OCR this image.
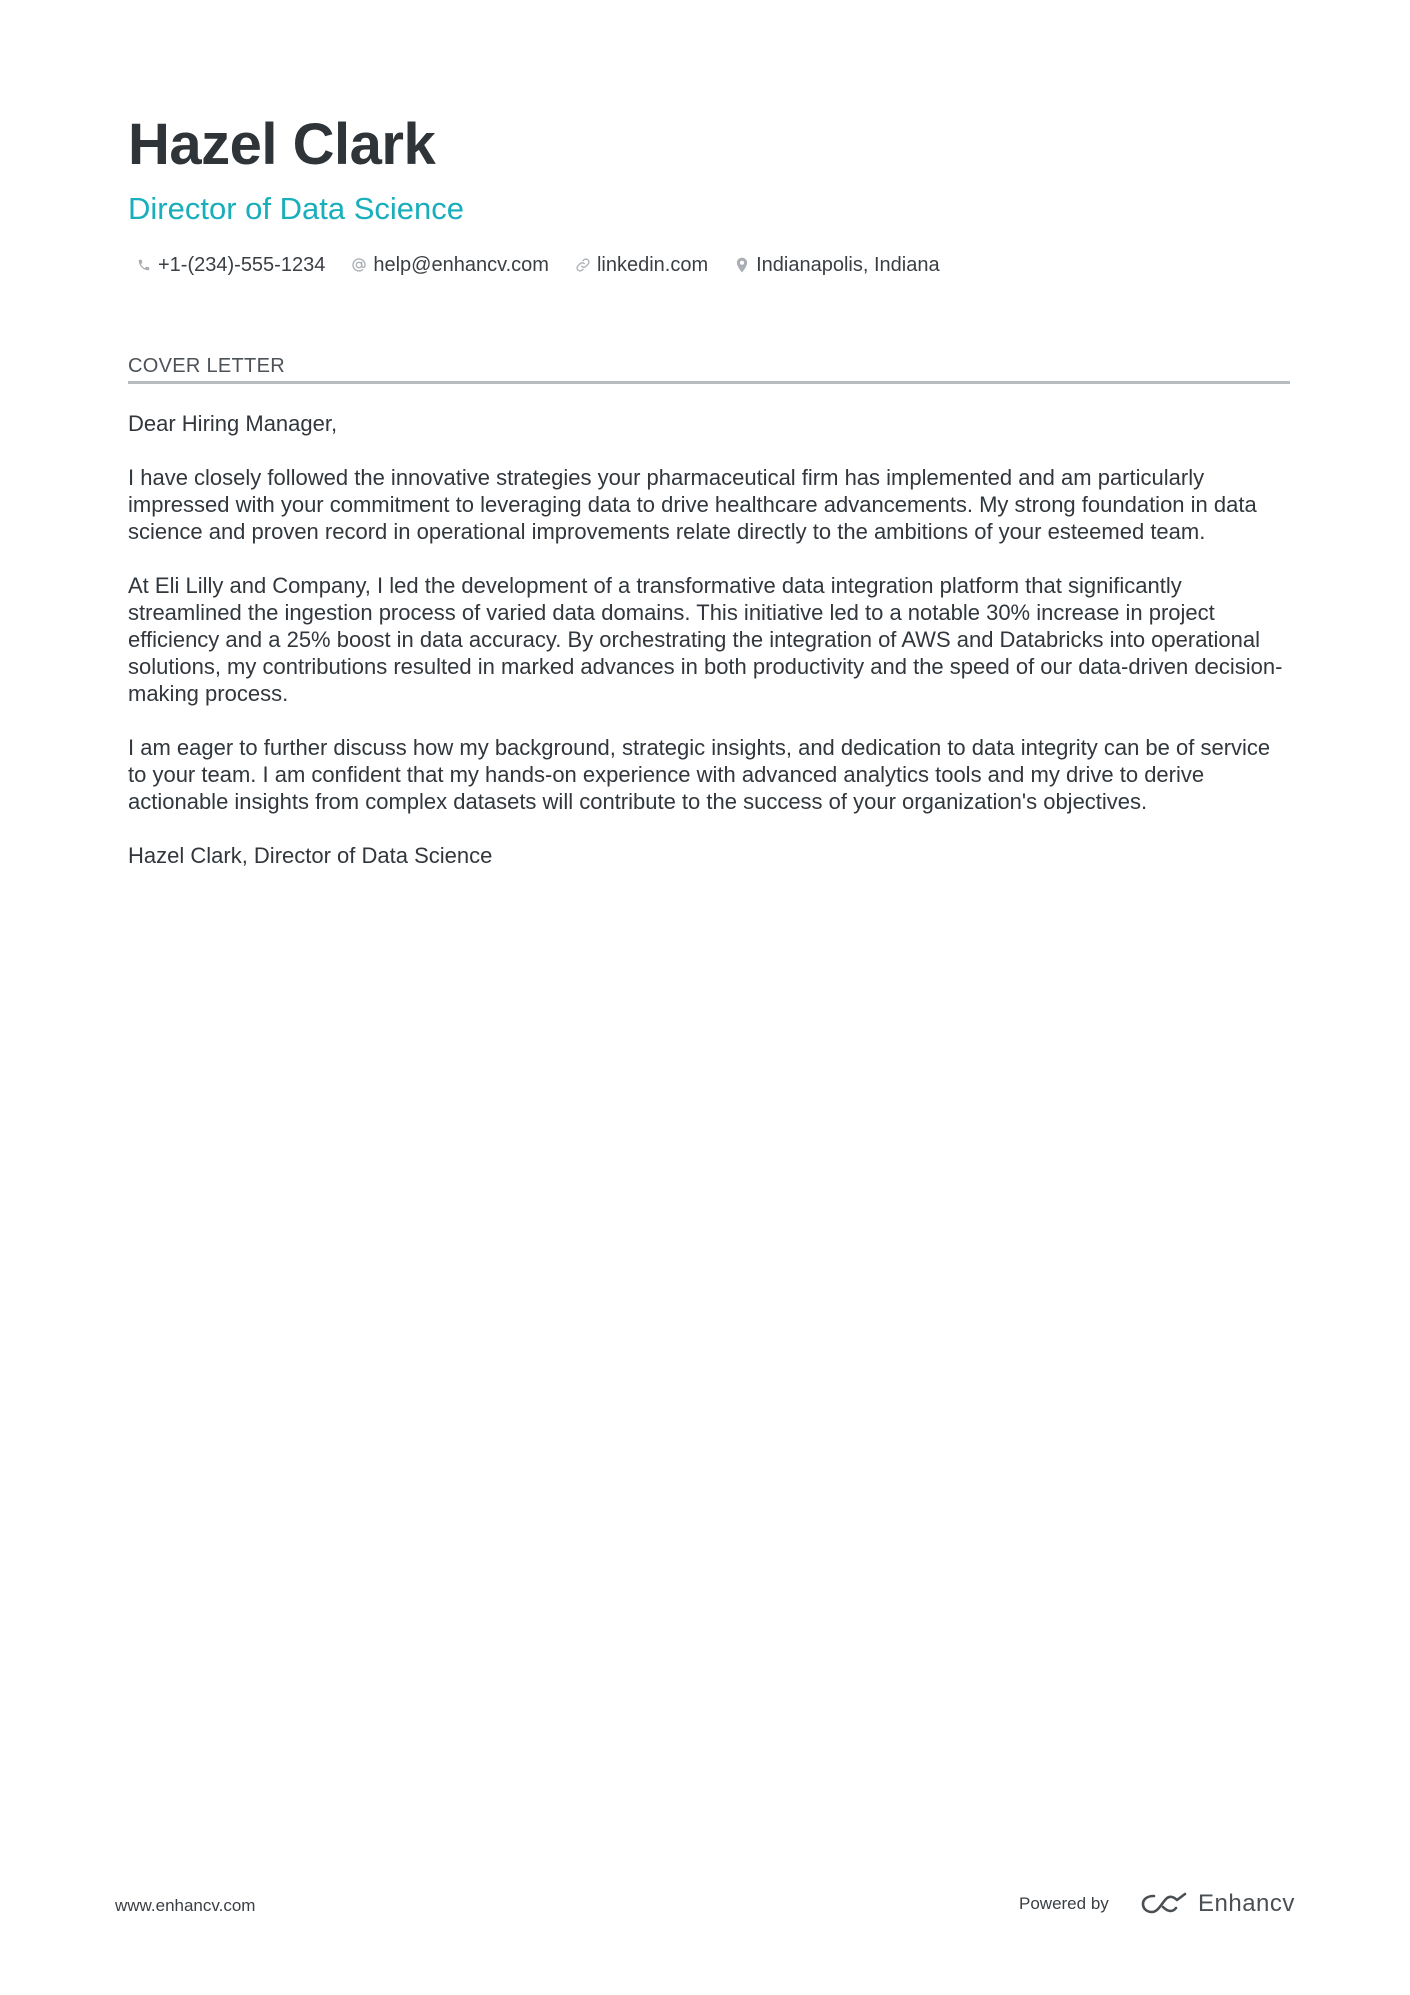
Hazel Clark
Director of Data Science
+1-(234)-555-1234 help@enhancv.com linkedin.com Indianapolis, Indiana
COVER LETTER

Dear Hiring Manager,

I have closely followed the innovative strategies your pharmaceutical firm has implemented and am particularly impressed with your commitment to leveraging data to drive healthcare advancements. My strong foundation in data science and proven record in operational improvements relate directly to the ambitions of your esteemed team.

At Eli Lilly and Company, I led the development of a transformative data integration platform that significantly streamlined the ingestion process of varied data domains. This initiative led to a notable 30% increase in project efficiency and a 25% boost in data accuracy. By orchestrating the integration of AWS and Databricks into operational solutions, my contributions resulted in marked advances in both productivity and the speed of our data-driven decision-making process.

I am eager to further discuss how my background, strategic insights, and dedication to data integrity can be of service to your team. I am confident that my hands-on experience with advanced analytics tools and my drive to derive actionable insights from complex datasets will contribute to the success of your organization's objectives.

Hazel Clark, Director of Data Science

www.enhancv.com	Powered by	Enhancv
